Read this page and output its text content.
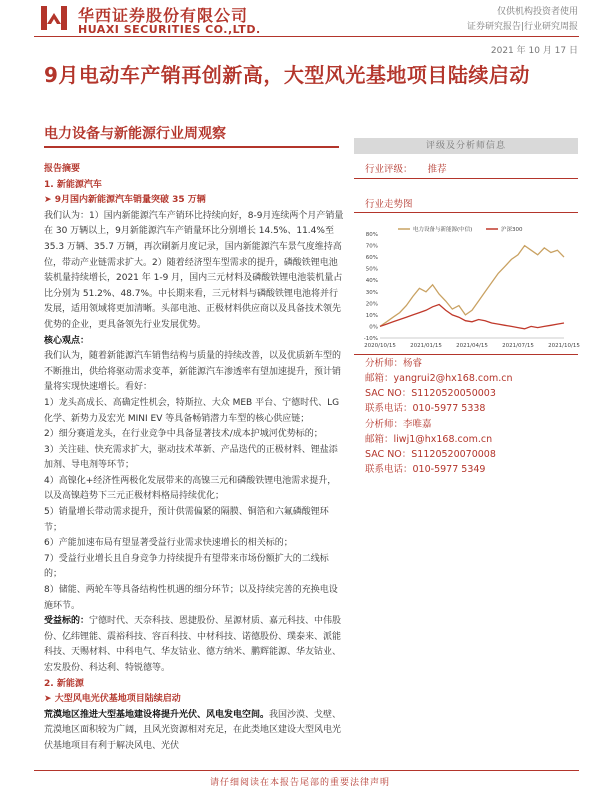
华西证券股份有限公司
HUAXI SECURITIES CO.,LTD.
仅供机构投资者使用
证券研究报告|行业研究周报
2021 年 10 月 17 日
9月电动车产销再创新高，大型风光基地项目陆续启动
电力设备与新能源行业周观察

报告摘要

1. 新能源汽车

➤ 9月国内新能源汽车销量突破 35 万辆

我们认为：1）国内新能源汽车产销环比持续向好，8-9月连续两个月产销量在 30 万辆以上，9月新能源汽车产销量环比分别增长 14.5%、11.4%至 35.3 万辆、35.7 万辆，再次刷新月度记录，国内新能源汽车景气度维持高位，带动产业链需求扩大。2）随着经济型车型需求的提升，磷酸铁锂电池装机量持续增长，2021 年 1-9 月，国内三元材料及磷酸铁锂电池装机量占比分别为 51.2%、48.7%。中长期来看，三元材料与磷酸铁锂电池将并行发展，适用领域将更加清晰。头部电池、正极材料供应商以及具备技术领先优势的企业，更具备领先行业发展优势。

核心观点：

我们认为，随着新能源汽车销售结构与质量的持续改善，以及优质新车型的不断推出，供给将驱动需求变革，新能源汽车渗透率有望加速提升，预计销量将实现快速增长。看好：

1）龙头高成长、高确定性机会，特斯拉、大众 MEB 平台、宁德时代、LG 化学、新势力及宏光 MINI EV 等具备畅销潜力车型的核心供应链；

2）细分赛道龙头，在行业竞争中具备显著技术/成本护城河优势标的；

3）关注硅、快充需求扩大，驱动技术革新、产品迭代的正极材料、锂盐添加剂、导电剂等环节；

4）高镍化+经济性两极化发展带来的高镍三元和磷酸铁锂电池需求提升，以及高镍趋势下三元正极材料格局持续优化；

5）销量增长带动需求提升，预计供需偏紧的隔膜、铜箔和六氟磷酸锂环节；

6）产能加速布局有望显著受益行业需求快速增长的相关标的；

7）受益行业增长且自身竞争力持续提升有望带来市场份额扩大的二线标的；

8）储能、两轮车等具备结构性机遇的细分环节；以及持续完善的充换电设施环节。

受益标的：宁德时代、天奈科技、恩捷股份、星源材质、嘉元科技、中伟股份、亿纬锂能、震裕科技、容百科技、中材科技、诺德股份、璞泰来、派能科技、天赐材料、中科电气、华友钴业、德方纳米、鹏辉能源、华友钴业、宏发股份、科达利、特锐德等。

2. 新能源

➤ 大型风电光伏基地项目陆续启动

荒漠地区推进大型基地建设将提升光伏、风电发电空间。我国沙漠、戈壁、荒漠地区面积较为广阔，且风光资源相对充足，在此类地区建设大型风电光伏基地项目有利于解决风电、光伏

评级及分析师信息
行业评级： 推荐
行业走势图
-10%
0%
10%
20%
30%
40%
50%
60%
70%
80%
2020/10/15	2021/01/15	2021/04/15	2021/07/15	2021/10/15
电力设备与新能源(中信)	沪深300
分析师：杨睿
邮箱：yangrui2@hx168.com.cn
SAC NO：S1120520050003
联系电话：010-5977 5338
分析师：李唯嘉
邮箱：liwj1@hx168.com.cn
SAC NO：S1120520070008
联系电话：010-5977 5349
请仔细阅读在本报告尾部的重要法律声明
